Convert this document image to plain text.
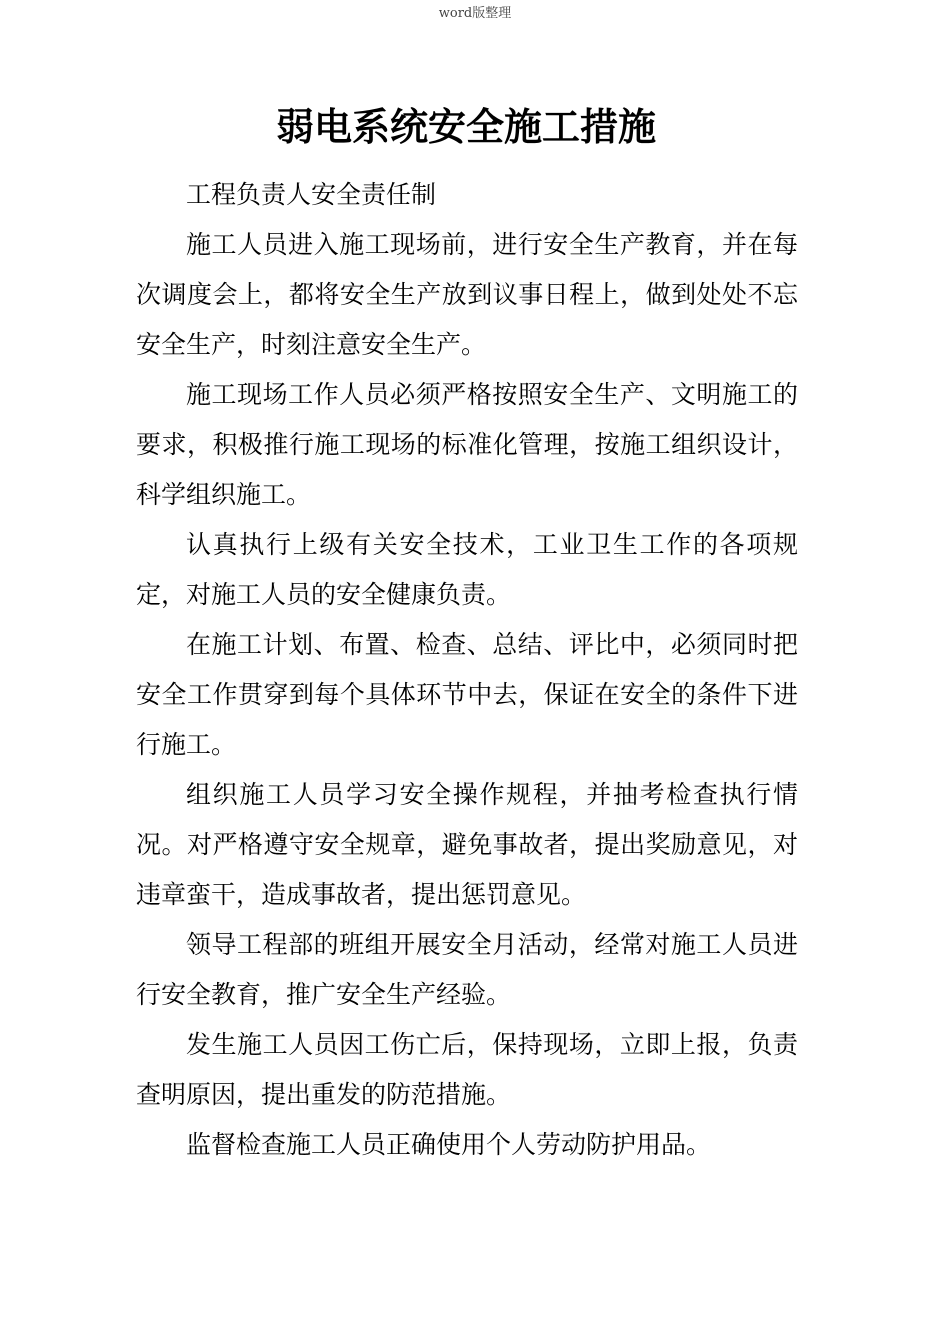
word版整理
弱电系统安全施工措施

工程负责人安全责任制

施工人员进入施工现场前，进行安全生产教育，并在每次调度会上，都将安全生产放到议事日程上，做到处处不忘安全生产，时刻注意安全生产。

施工现场工作人员必须严格按照安全生产、文明施工的要求，积极推行施工现场的标准化管理，按施工组织设计，科学组织施工。

认真执行上级有关安全技术，工业卫生工作的各项规定，对施工人员的安全健康负责。

在施工计划、布置、检查、总结、评比中，必须同时把安全工作贯穿到每个具体环节中去，保证在安全的条件下进行施工。

组织施工人员学习安全操作规程，并抽考检查执行情况。对严格遵守安全规章，避免事故者，提出奖励意见，对违章蛮干，造成事故者，提出惩罚意见。

领导工程部的班组开展安全月活动，经常对施工人员进行安全教育，推广安全生产经验。

发生施工人员因工伤亡后，保持现场，立即上报，负责查明原因，提出重发的防范措施。

监督检查施工人员正确使用个人劳动防护用品。
